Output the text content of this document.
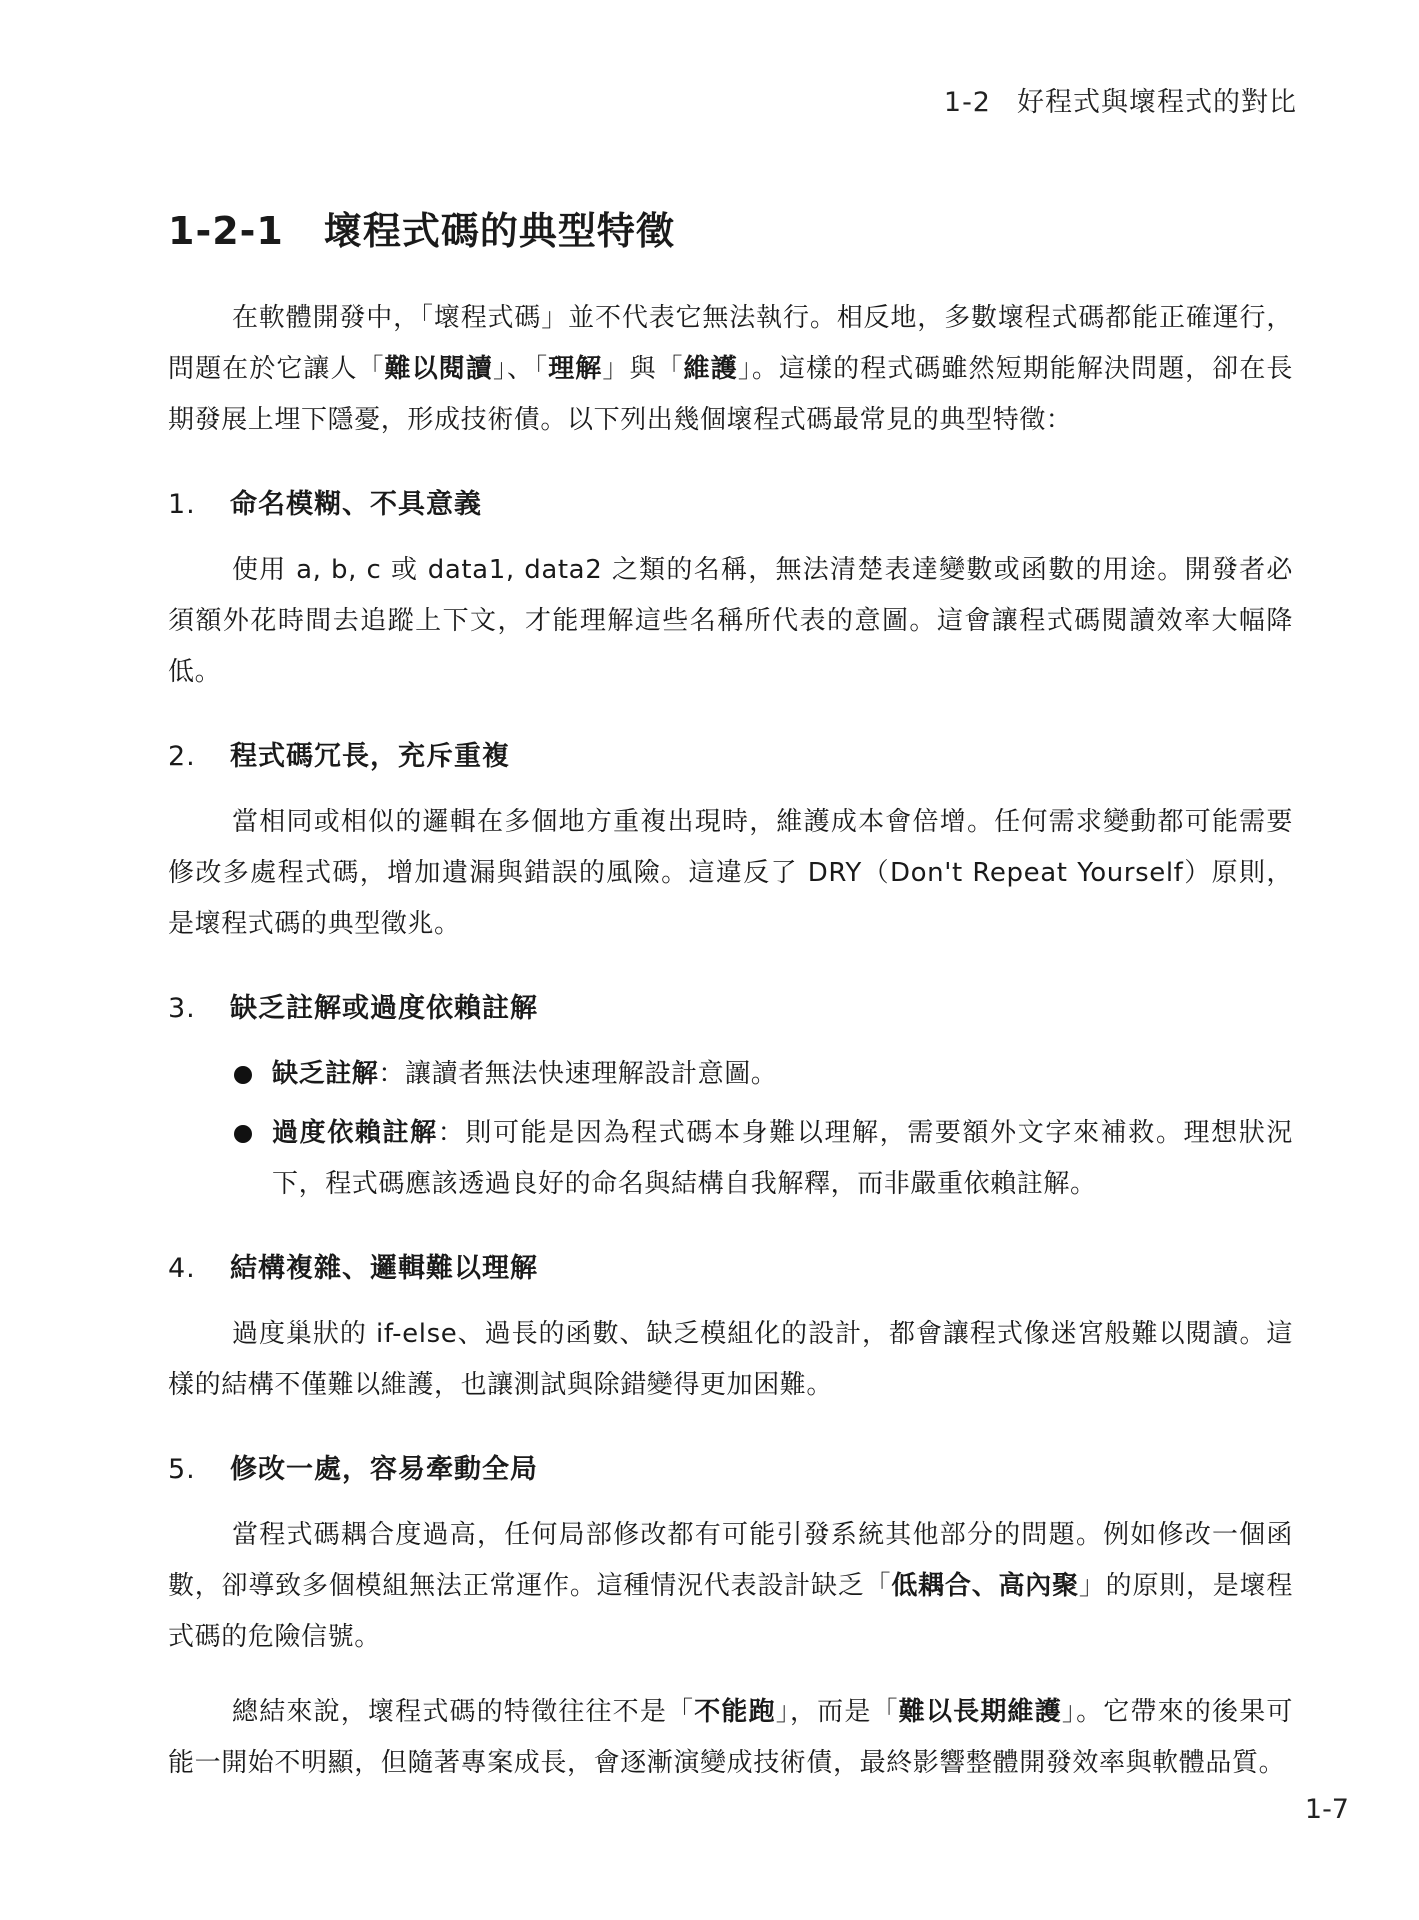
1-2 好程式與壞程式的對比
1-2-1 壞程式碼的典型特徵

在軟體開發中，「壞程式碼」並不代表它無法執行。相反地，多數壞程式碼都能正確運行，問題在於它讓人「難以閱讀」、「理解」與「維護」。這樣的程式碼雖然短期能解決問題，卻在長期發展上埋下隱憂，形成技術債。以下列出幾個壞程式碼最常見的典型特徵：

1. 命名模糊、不具意義

使用 a, b, c 或 data1, data2 之類的名稱，無法清楚表達變數或函數的用途。開發者必須額外花時間去追蹤上下文，才能理解這些名稱所代表的意圖。這會讓程式碼閱讀效率大幅降低。

2. 程式碼冗長，充斥重複

當相同或相似的邏輯在多個地方重複出現時，維護成本會倍增。任何需求變動都可能需要修改多處程式碼，增加遺漏與錯誤的風險。這違反了 DRY（Don't Repeat Yourself）原則，是壞程式碼的典型徵兆。

3. 缺乏註解或過度依賴註解
缺乏註解：讓讀者無法快速理解設計意圖。
過度依賴註解：則可能是因為程式碼本身難以理解，需要額外文字來補救。理想狀況下，程式碼應該透過良好的命名與結構自我解釋，而非嚴重依賴註解。
4. 結構複雜、邏輯難以理解

過度巢狀的 if-else、過長的函數、缺乏模組化的設計，都會讓程式像迷宮般難以閱讀。這樣的結構不僅難以維護，也讓測試與除錯變得更加困難。

5. 修改一處，容易牽動全局

當程式碼耦合度過高，任何局部修改都有可能引發系統其他部分的問題。例如修改一個函數，卻導致多個模組無法正常運作。這種情況代表設計缺乏「低耦合、高內聚」的原則，是壞程式碼的危險信號。

總結來說，壞程式碼的特徵往往不是「不能跑」，而是「難以長期維護」。它帶來的後果可能一開始不明顯，但隨著專案成長，會逐漸演變成技術債，最終影響整體開發效率與軟體品質。

1-7
